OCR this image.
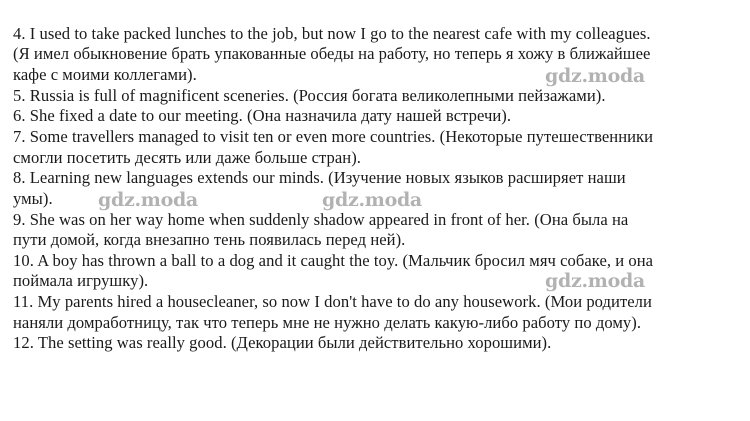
4. I used to take packed lunches to the job, but now I go to the nearest cafe with my colleagues.

(Я имел обыкновение брать упакованные обеды на работу, но теперь я хожу в ближайшее

кафе с моими коллегами).

5. Russia is full of magnificent sceneries. (Россия богата великолепными пейзажами).

6. She fixed a date to our meeting. (Она назначила дату нашей встречи).

7. Some travellers managed to visit ten or even more countries. (Некоторые путешественники

смогли посетить десять или даже больше стран).

8. Learning new languages extends our minds. (Изучение новых языков расширяет наши

умы).

9. She was on her way home when suddenly shadow appeared in front of her. (Она была на

пути домой, когда внезапно тень появилась перед ней).

10. A boy has thrown a ball to a dog and it caught the toy. (Мальчик бросил мяч собаке, и она

поймала игрушку).

11. My parents hired a housecleaner, so now I don't have to do any housework. (Мои родители

наняли домработницу, так что теперь мне не нужно делать какую-либо работу по дому).

12. The setting was really good. (Декорации были действительно хорошими).

gdz.moda
gdz.moda	gdz.moda
gdz.moda
